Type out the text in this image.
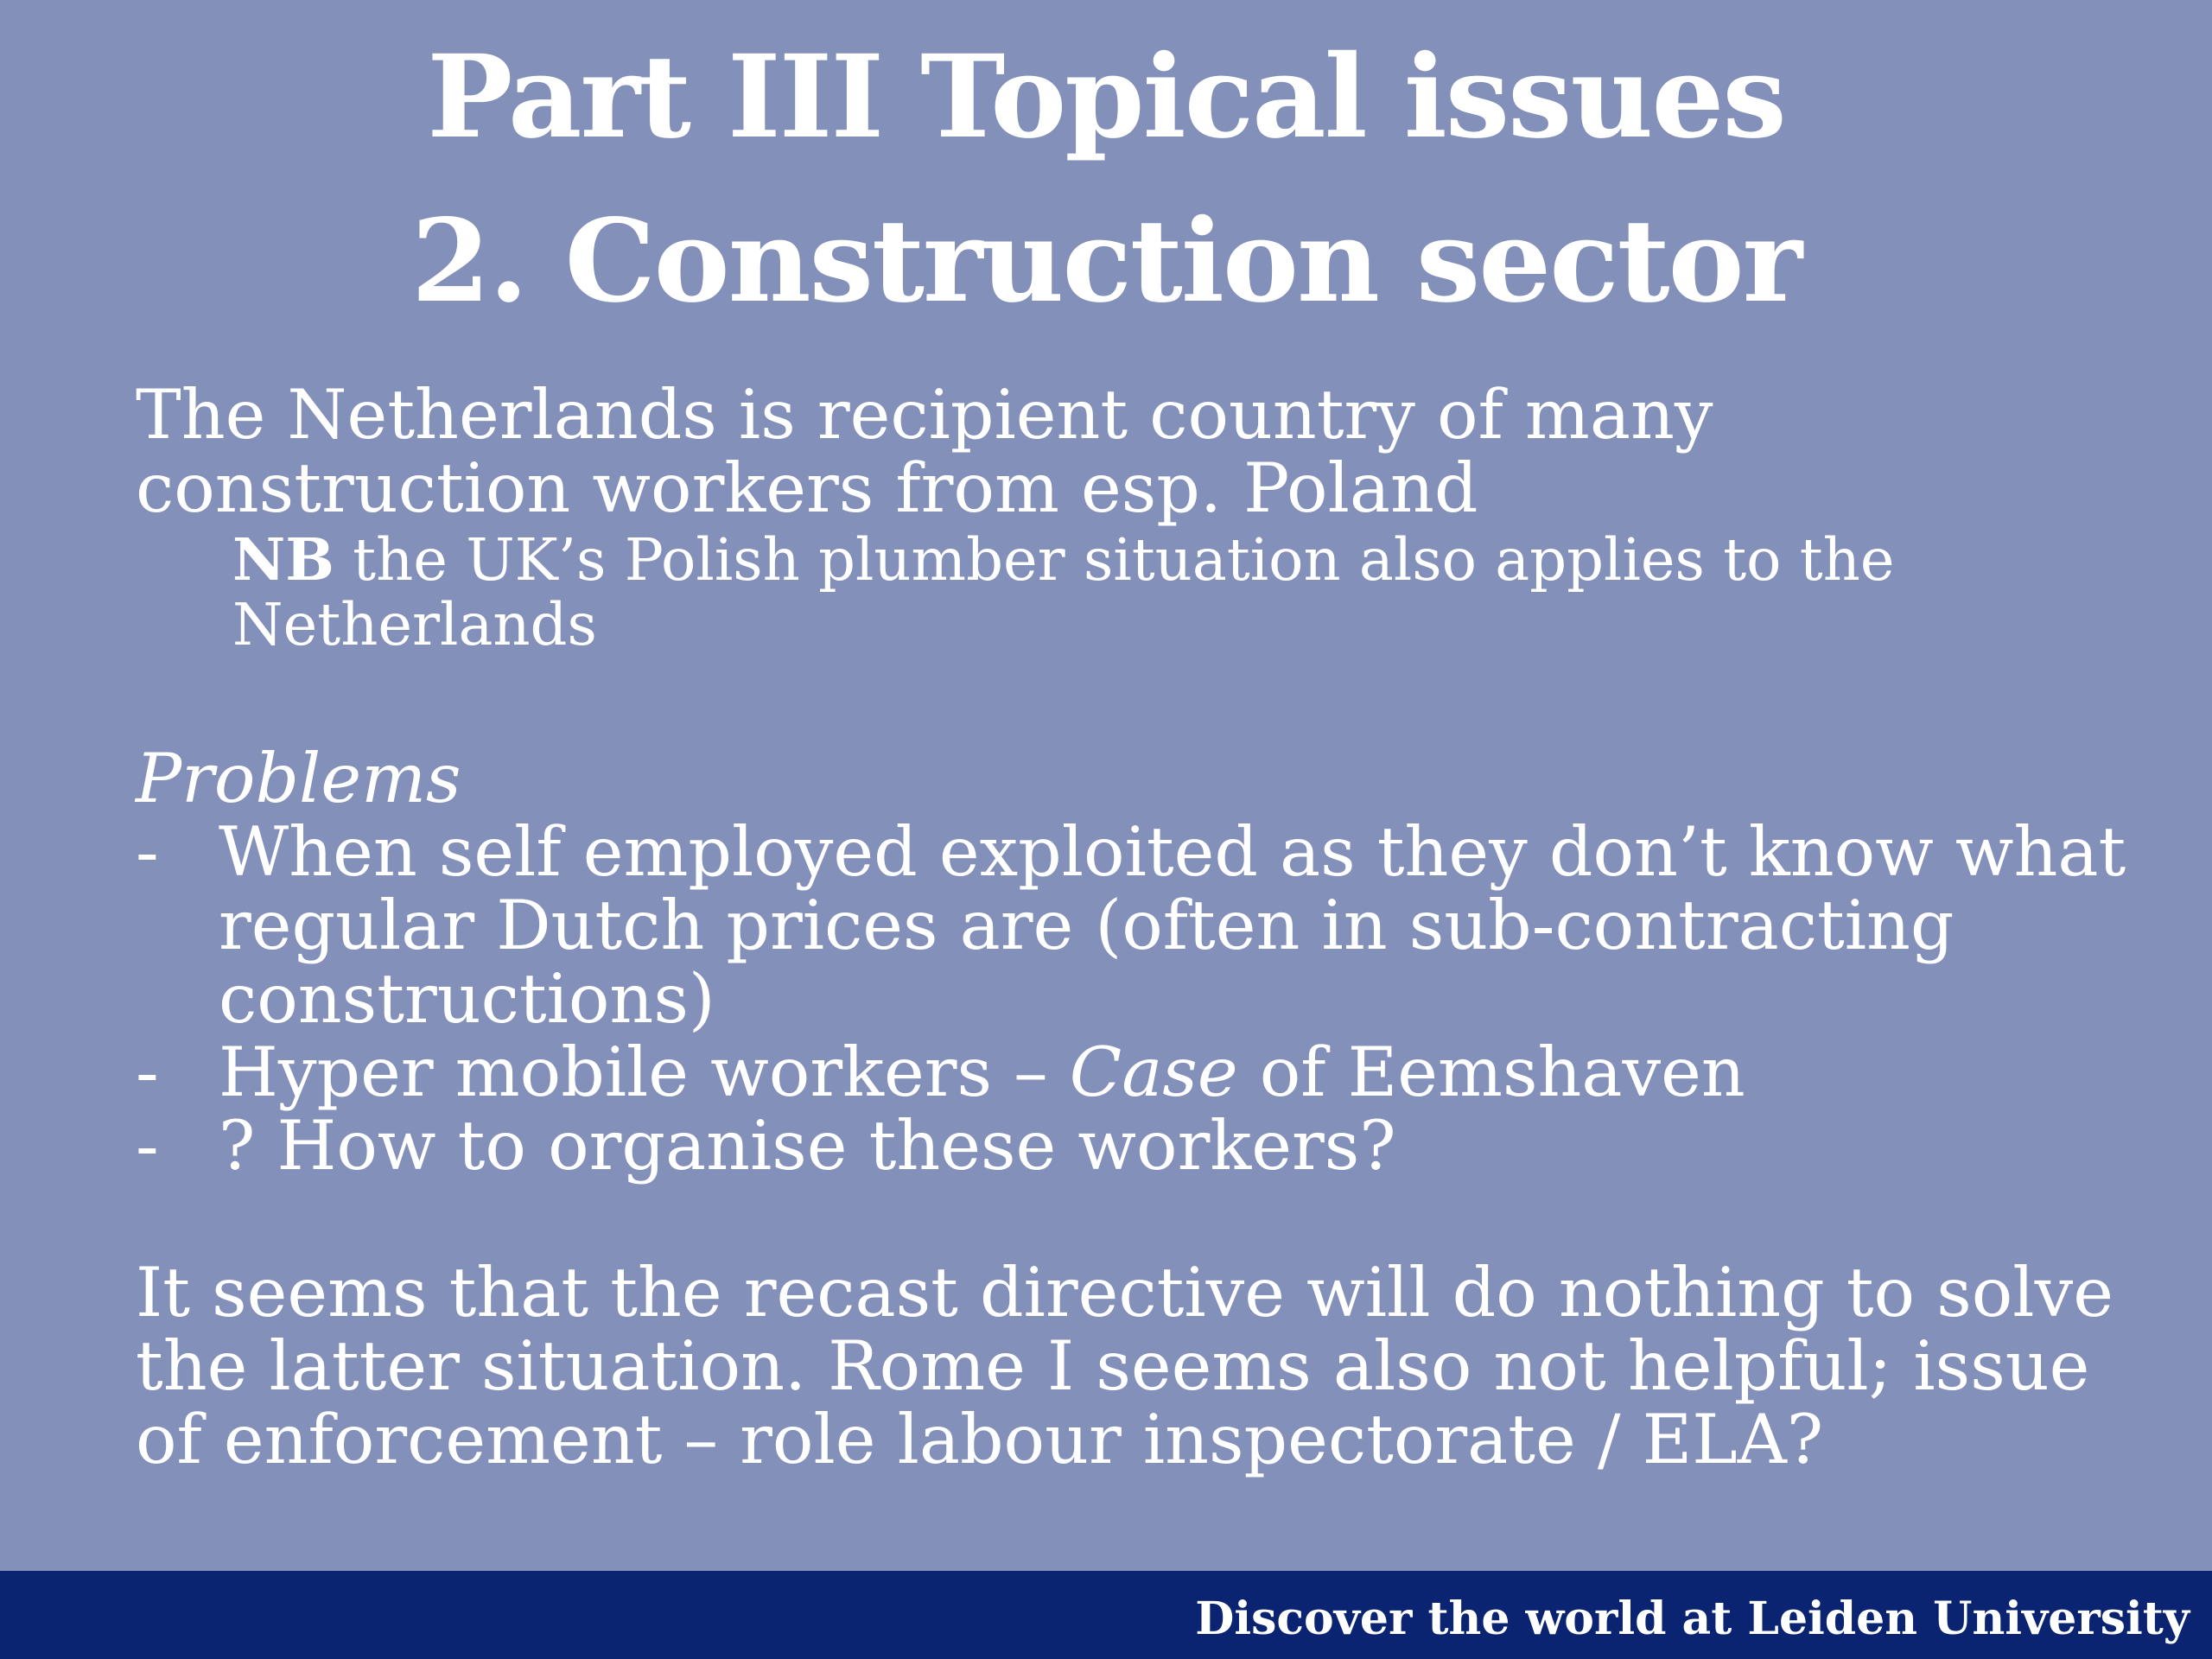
Part III Topical issues
2. Construction sector

The Netherlands is recipient country of many construction workers from esp. Poland

NB the UK’s Polish plumber situation also applies to the Netherlands
Problems
- When self employed exploited as they don’t know what regular Dutch prices are (often in sub-contracting constructions)
- Hyper mobile workers – Case of Eemshaven
- ? How to organise these workers?

It seems that the recast directive will do nothing to solve the latter situation. Rome I seems also not helpful; issue of enforcement – role labour inspectorate / ELA?

Discover the world at Leiden University
